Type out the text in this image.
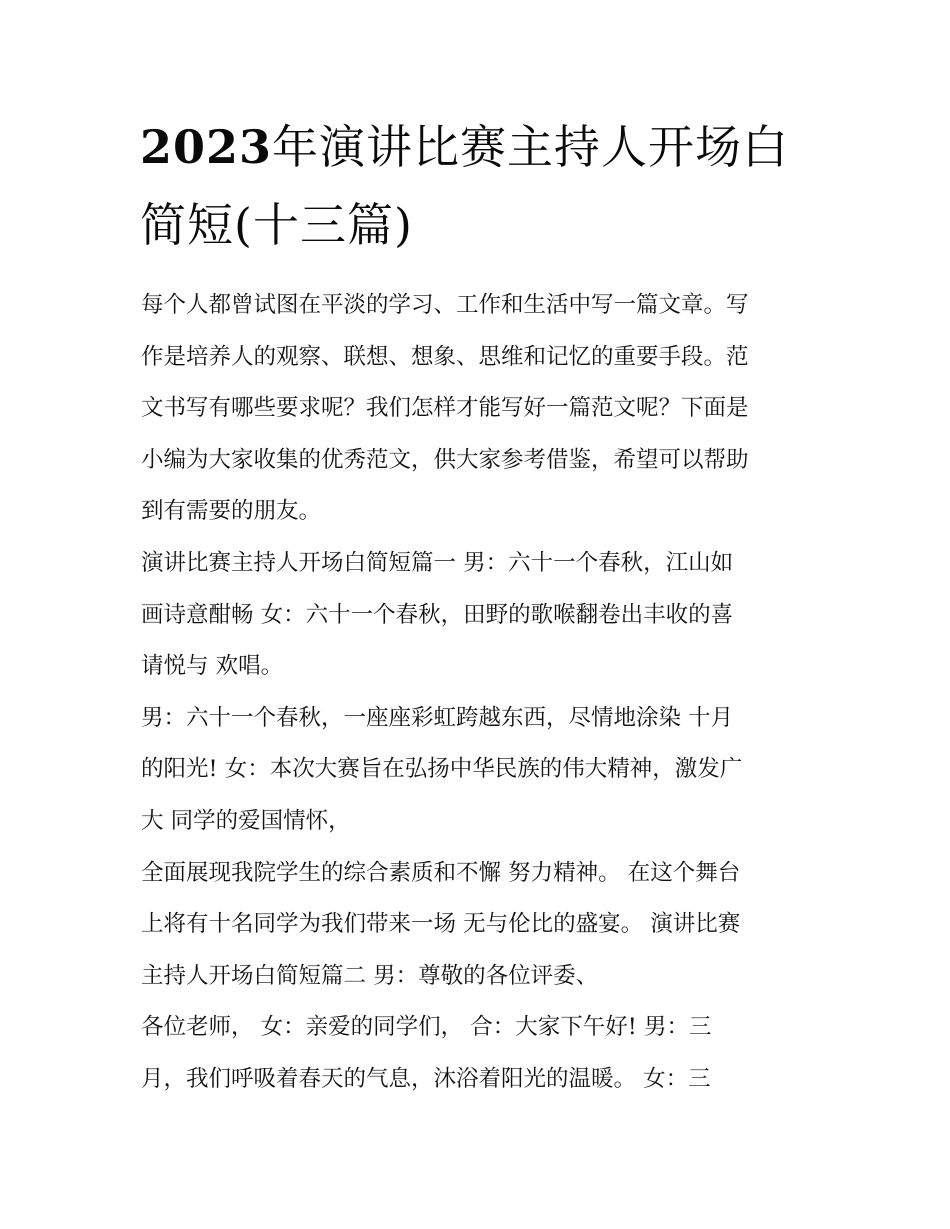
2023年演讲比赛主持人开场白
简短(十三篇)

每个人都曾试图在平淡的学习、工作和生活中写一篇文章。写

作是培养人的观察、联想、想象、思维和记忆的重要手段。范

文书写有哪些要求呢？我们怎样才能写好一篇范文呢？下面是

小编为大家收集的优秀范文，供大家参考借鉴，希望可以帮助

到有需要的朋友。

演讲比赛主持人开场白简短篇一 男：六十一个春秋，江山如

画诗意酣畅 女：六十一个春秋，田野的歌喉翻卷出丰收的喜

请悦与 欢唱。

男：六十一个春秋，一座座彩虹跨越东西，尽情地涂染 十月

的阳光! 女：本次大赛旨在弘扬中华民族的伟大精神，激发广

大 同学的爱国情怀，

全面展现我院学生的综合素质和不懈 努力精神。 在这个舞台

上将有十名同学为我们带来一场 无与伦比的盛宴。 演讲比赛

主持人开场白简短篇二 男：尊敬的各位评委、

各位老师， 女：亲爱的同学们， 合：大家下午好! 男：三

月，我们呼吸着春天的气息，沐浴着阳光的温暖。 女：三
